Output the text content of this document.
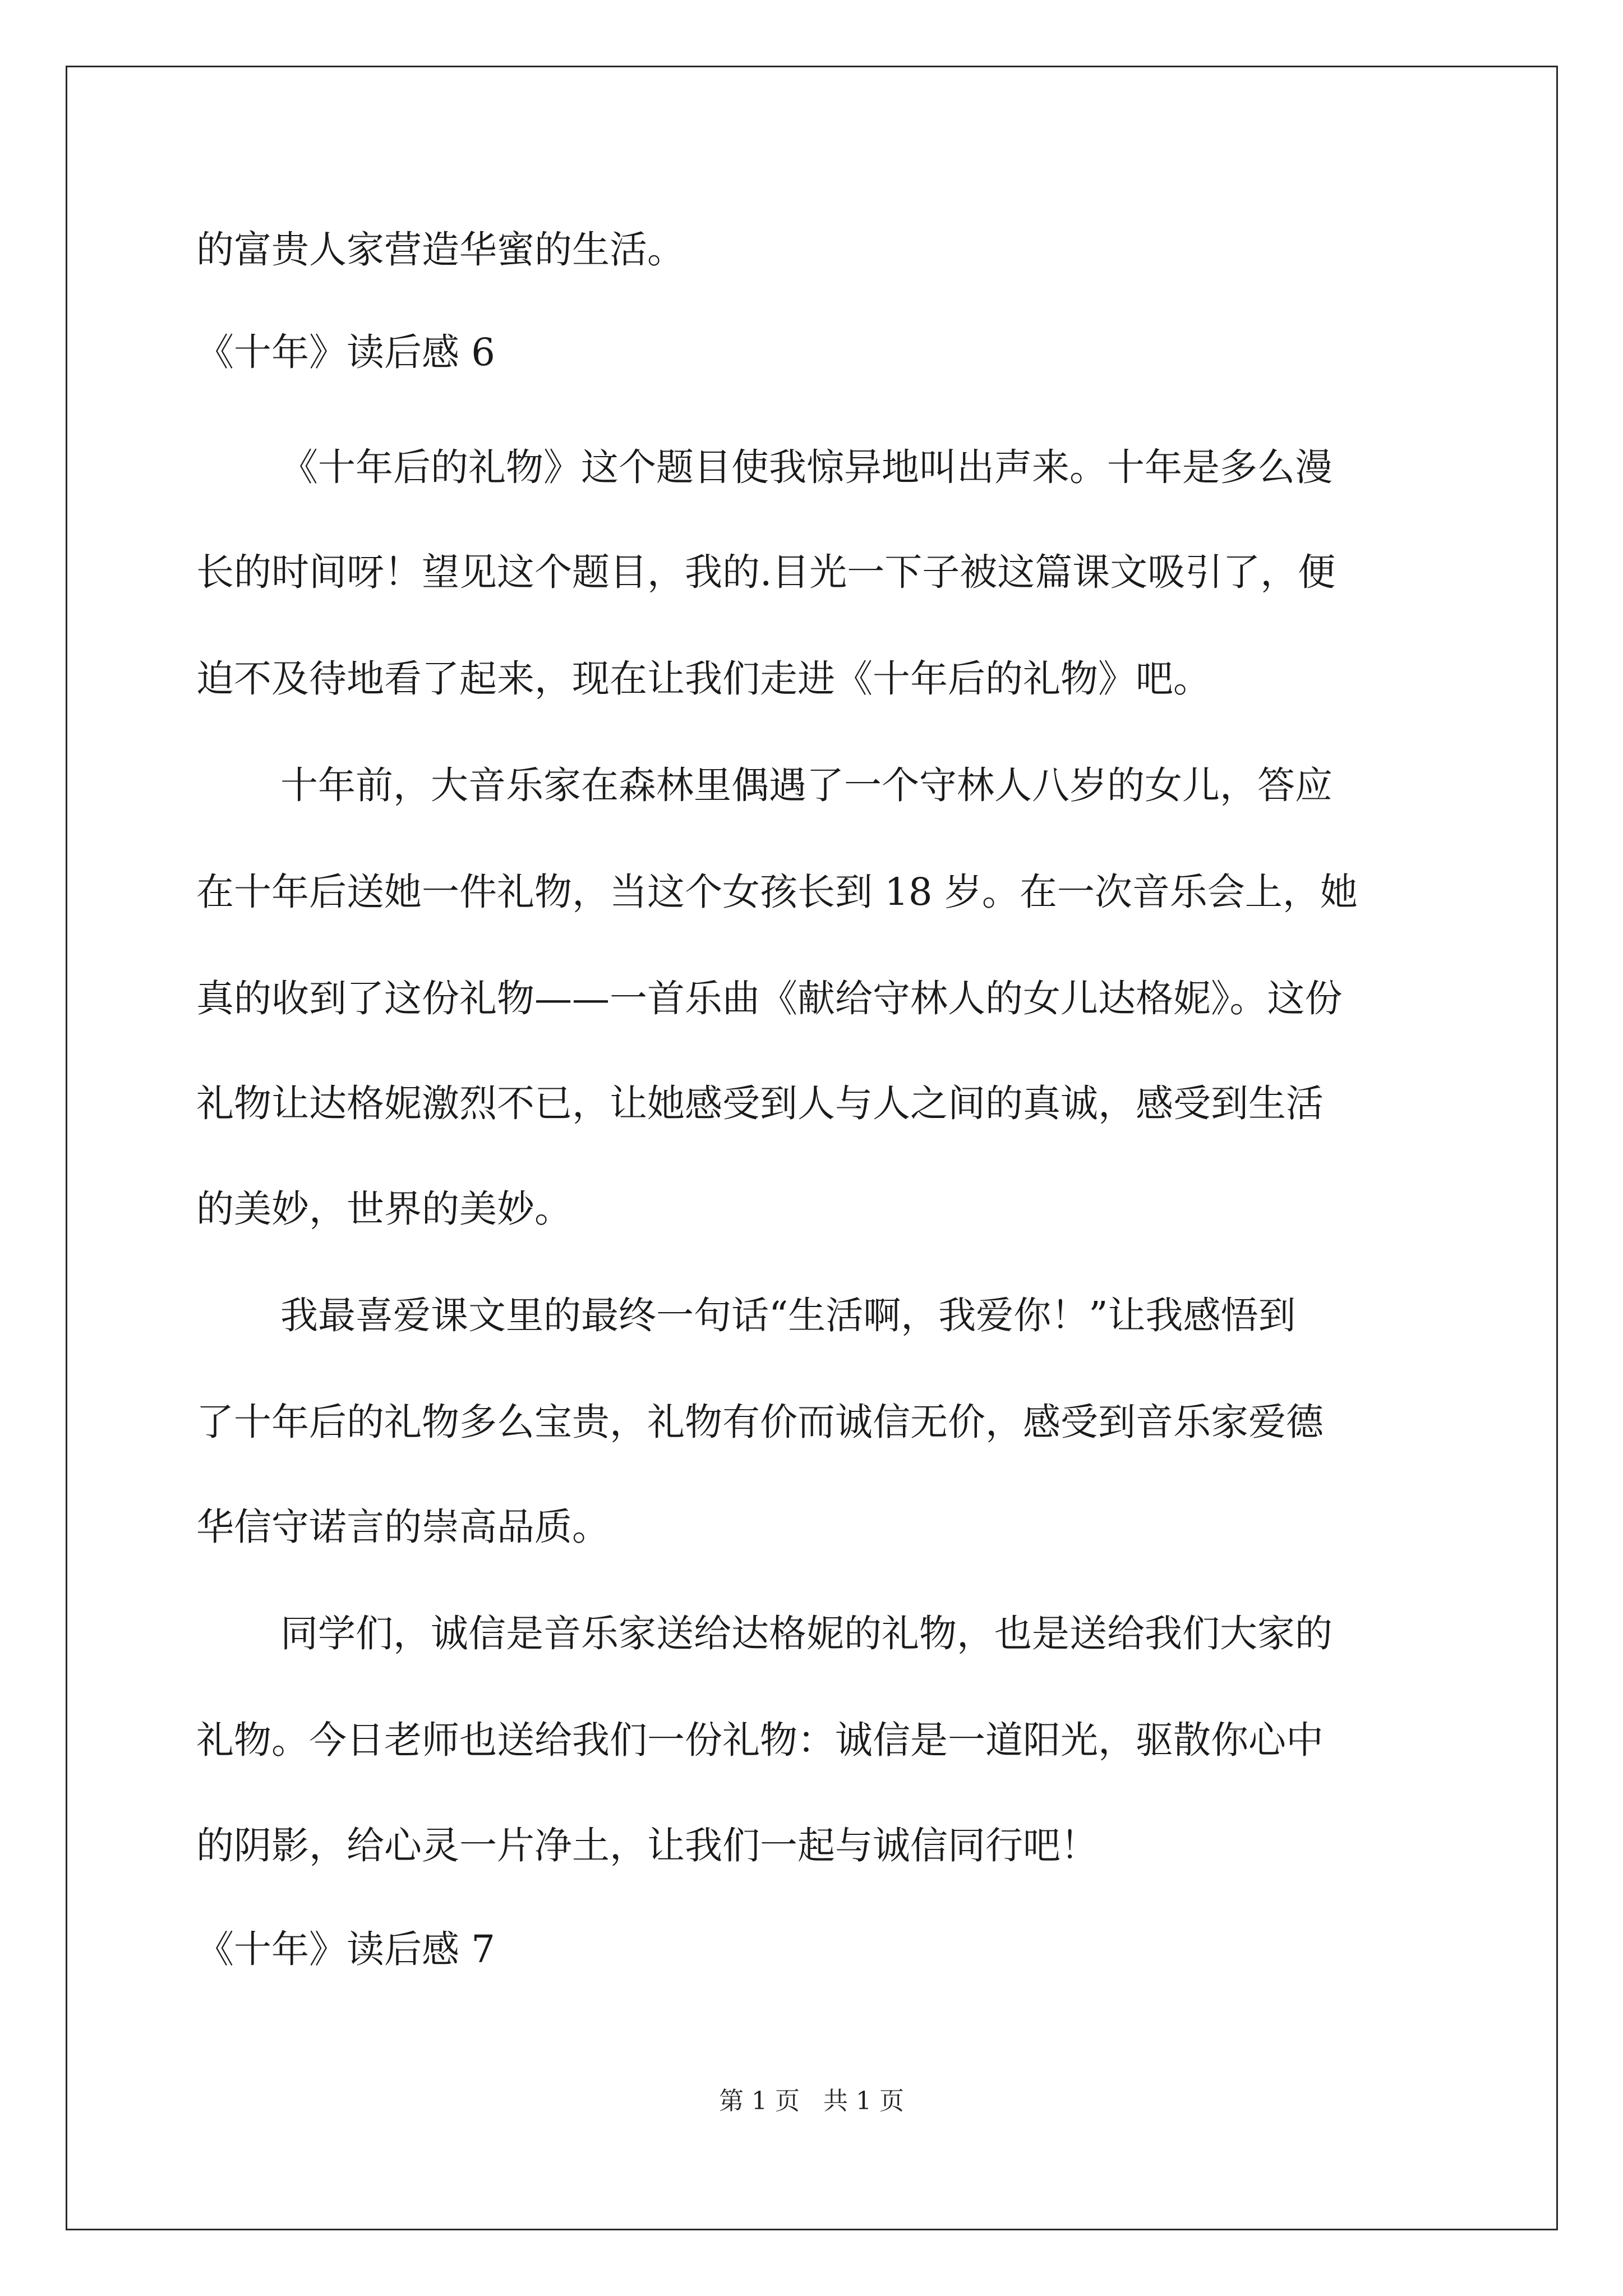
的富贵人家营造华蜜的生活。
《十年》读后感 6
《十年后的礼物》这个题目使我惊异地叫出声来。十年是多么漫
长的时间呀！望见这个题目，我的.目光一下子被这篇课文吸引了，便
迫不及待地看了起来，现在让我们走进《十年后的礼物》吧。
十年前，大音乐家在森林里偶遇了一个守林人八岁的女儿，答应
在十年后送她一件礼物，当这个女孩长到 18 岁。在一次音乐会上，她
真的收到了这份礼物——一首乐曲《献给守林人的女儿达格妮》。这份
礼物让达格妮激烈不已，让她感受到人与人之间的真诚，感受到生活
的美妙，世界的美妙。
我最喜爱课文里的最终一句话“生活啊，我爱你！”让我感悟到
了十年后的礼物多么宝贵，礼物有价而诚信无价，感受到音乐家爱德
华信守诺言的崇高品质。
同学们，诚信是音乐家送给达格妮的礼物，也是送给我们大家的
礼物。今日老师也送给我们一份礼物：诚信是一道阳光，驱散你心中
的阴影，给心灵一片净土，让我们一起与诚信同行吧！
《十年》读后感 7
第 1 页 共 1 页
